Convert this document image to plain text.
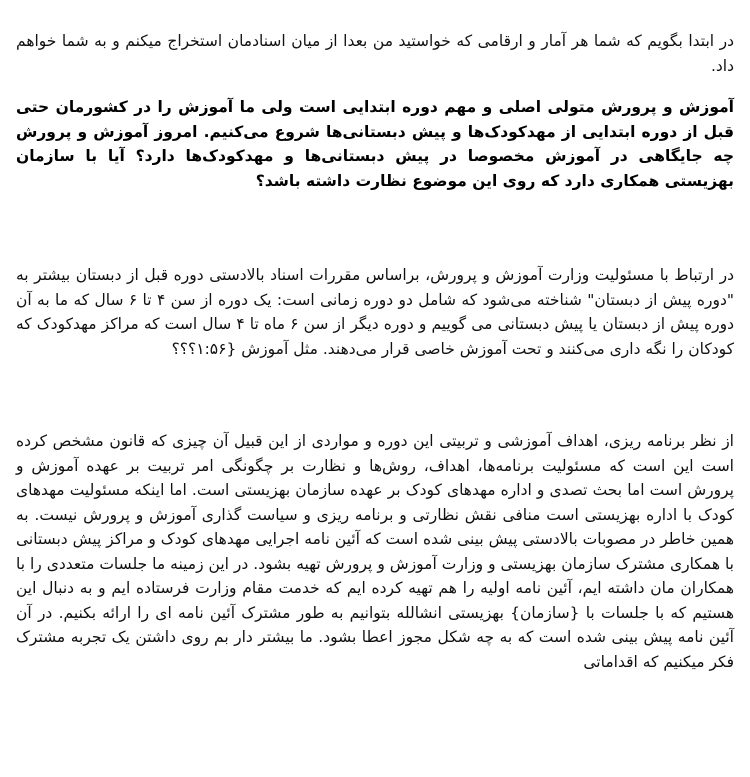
در ابتدا بگویم که شما هر آمار و ارقامی که خواستید من بعدا از میان اسنادمان استخراج میکنم و به شما خواهم داد.

آموزش و پرورش متولی اصلی و مهم دوره ابتدایی است ولی ما آموزش را در کشورمان حتی قبل از دوره ابتدایی از مهدکودک‌ها و پیش دبستانی‌ها شروع می‌کنیم. امروز آموزش و پرورش چه جایگاهی در آموزش مخصوصا در پیش دبستانی‌ها و مهدکودک‌ها دارد؟ آیا با سازمان بهزیستی همکاری دارد که روی این موضوع نظارت داشته باشد؟

در ارتباط با مسئولیت وزارت آموزش و پرورش، براساس مقررات اسناد بالادستی دوره قبل از دبستان بیشتر به "دوره پیش از دبستان" شناخته می‌شود که شامل دو دوره زمانی است: یک دوره از سن ۴ تا ۶ سال که ما به آن دوره پیش از دبستان یا پیش دبستانی می گوییم و دوره دیگر از سن ۶ ماه تا ۴ سال است که مراکز مهدکودک که کودکان را نگه داری می‌کنند و تحت آموزش خاصی قرار می‌دهند. مثل آموزش {۱:۵۶؟؟؟

از نظر برنامه ریزی، اهداف آموزشی و تربیتی این دوره و مواردی از این قبیل آن چیزی که قانون مشخص کرده است این است که مسئولیت برنامه‌ها، اهداف، روش‌ها و نظارت بر چگونگی امر تربیت بر عهده آموزش و پرورش است اما بحث تصدی و اداره مهدهای کودک بر عهده سازمان بهزیستی است. اما اینکه مسئولیت مهدهای کودک با اداره بهزیستی است منافی نقش نظارتی و برنامه ریزی و سیاست گذاری آموزش و پرورش نیست. به همین خاطر در مصوبات بالادستی پیش بینی شده است که آئین نامه اجرایی مهدهای کودک و مراکز پیش دبستانی با همکاری مشترک سازمان بهزیستی و وزارت آموزش و پرورش تهیه بشود. در این زمینه ما جلسات متعددی را با همکاران مان داشته ایم، آئین نامه اولیه را هم تهیه کرده ایم که خدمت مقام وزارت فرستاده ایم و به دنبال این هستیم که با جلسات با {سازمان} بهزیستی انشالله بتوانیم به طور مشترک آئین نامه ای را ارائه بکنیم. در آن آئین نامه پیش بینی شده است که به چه شکل مجوز اعطا بشود. ما بیشتر دار بم روی داشتن یک تجربه مشترک فکر میکنیم که اقداماتی
